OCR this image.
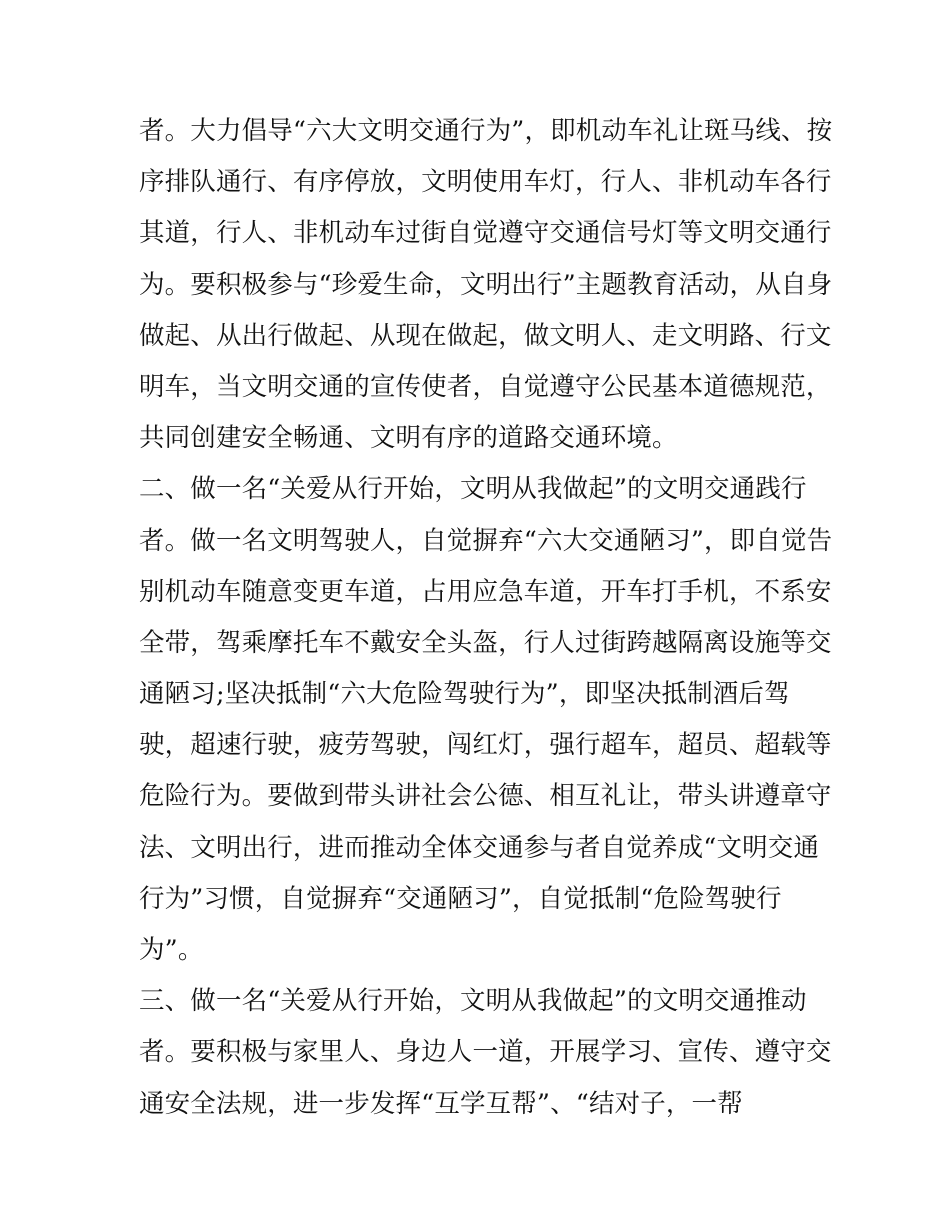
者。大力倡导“六大文明交通行为”，即机动车礼让斑马线、按
序排队通行、有序停放，文明使用车灯，行人、非机动车各行
其道，行人、非机动车过街自觉遵守交通信号灯等文明交通行
为。要积极参与“珍爱生命，文明出行”主题教育活动，从自身
做起、从出行做起、从现在做起，做文明人、走文明路、行文
明车，当文明交通的宣传使者，自觉遵守公民基本道德规范，
共同创建安全畅通、文明有序的道路交通环境。
二、做一名“关爱从行开始，文明从我做起”的文明交通践行
者。做一名文明驾驶人，自觉摒弃“六大交通陋习”，即自觉告
别机动车随意变更车道，占用应急车道，开车打手机，不系安
全带，驾乘摩托车不戴安全头盔，行人过街跨越隔离设施等交
通陋习;坚决抵制“六大危险驾驶行为”，即坚决抵制酒后驾
驶，超速行驶，疲劳驾驶，闯红灯，强行超车，超员、超载等
危险行为。要做到带头讲社会公德、相互礼让，带头讲遵章守
法、文明出行，进而推动全体交通参与者自觉养成“文明交通
行为”习惯，自觉摒弃“交通陋习”，自觉抵制“危险驾驶行
为”。
三、做一名“关爱从行开始，文明从我做起”的文明交通推动
者。要积极与家里人、身边人一道，开展学习、宣传、遵守交
通安全法规，进一步发挥“互学互帮”、“结对子，一帮
